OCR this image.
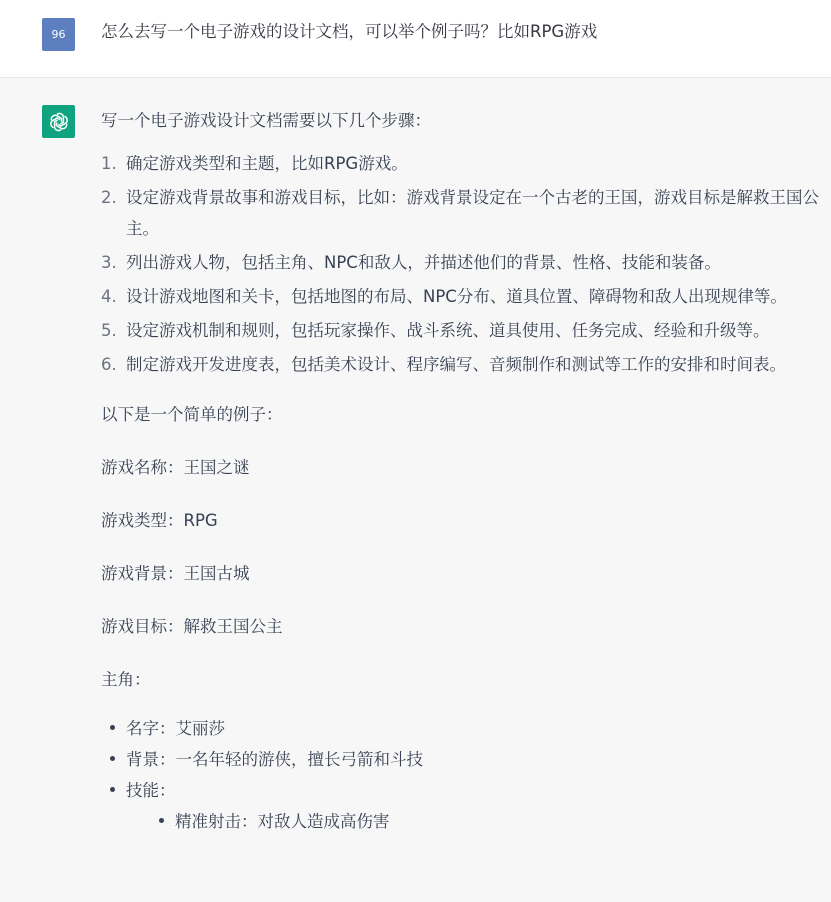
96	怎么去写一个电子游戏的设计文档，可以举个例子吗？比如RPG游戏

写一个电子游戏设计文档需要以下几个步骤：

1. 确定游戏类型和主题，比如RPG游戏。
2. 设定游戏背景故事和游戏目标，比如：游戏背景设定在一个古老的王国，游戏目标是解救王国公主。
3. 列出游戏人物，包括主角、NPC和敌人，并描述他们的背景、性格、技能和装备。
4. 设计游戏地图和关卡，包括地图的布局、NPC分布、道具位置、障碍物和敌人出现规律等。
5. 设定游戏机制和规则，包括玩家操作、战斗系统、道具使用、任务完成、经验和升级等。
6. 制定游戏开发进度表，包括美术设计、程序编写、音频制作和测试等工作的安排和时间表。

以下是一个简单的例子：

游戏名称：王国之谜

游戏类型：RPG

游戏背景：王国古城

游戏目标：解救王国公主

主角：

名字：艾丽莎
背景：一名年轻的游侠，擅长弓箭和斗技
技能：
精准射击：对敌人造成高伤害
